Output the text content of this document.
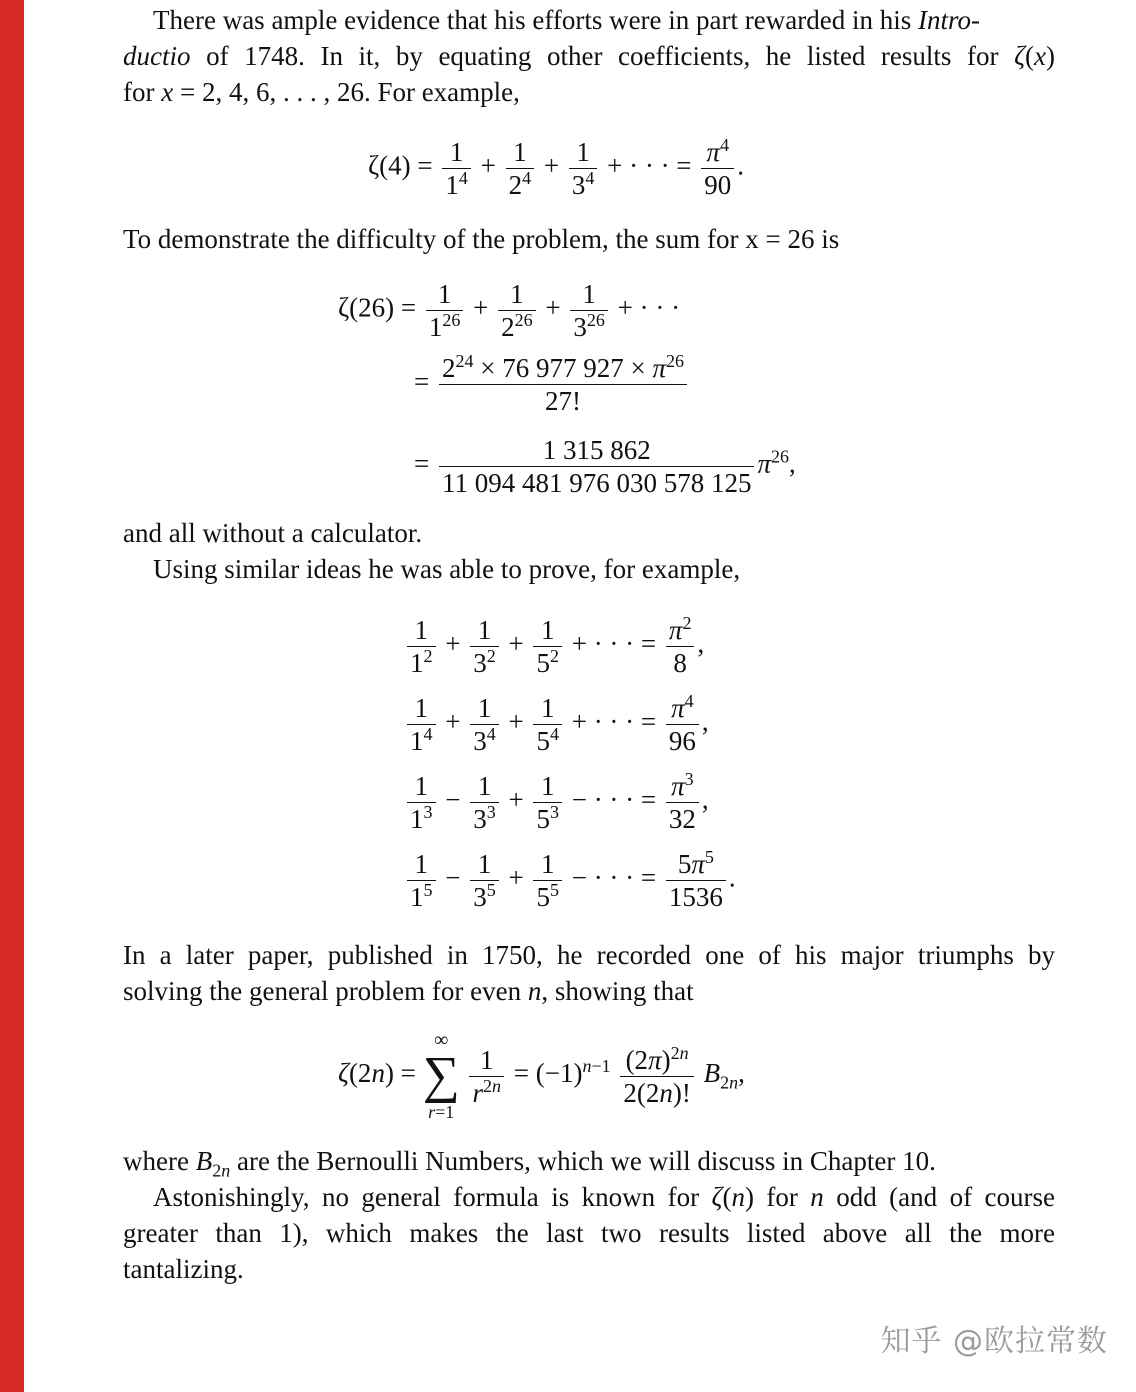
There was ample evidence that his efforts were in part rewarded in his Intro-
ductio of 1748. In it, by equating other coefficients, he listed results for ζ(x)
for x = 2, 4, 6, . . . , 26. For example,
$\zeta(4) = \frac{1}{1^4} + \frac{1}{2^4} + \frac{1}{3^4}$ + · · · = $\frac{\pi^4}{90}$ .
To demonstrate the difficulty of the problem, the sum for x = 26 is
$\zeta(26) = \frac{1}{1^{26}} + \frac{1}{2^{26}} + \frac{1}{3^{26}}$ + · · ·
= $\frac{2^{24} \times 76 977 927 \times \pi^{26}}{27!}$
= $\frac{1 315 862}{11 094 481 976 030 578 125} \pi^{26}$,
and all without a calculator.
Using similar ideas he was able to prove, for example,
$\frac{1}{1^2} + \frac{1}{3^2} + \frac{1}{5^2}$ + · · · = $\frac{\pi^2}{8}$ ,
$\frac{1}{1^4} + \frac{1}{3^4} + \frac{1}{5^4}$ + · · · = $\frac{\pi^4}{96}$ ,
$\frac{1}{1^3} - \frac{1}{3^3} + \frac{1}{5^3}$ − · · · = $\frac{\pi^3}{32}$ ,
$\frac{1}{1^5} - \frac{1}{3^5} + \frac{1}{5^5}$ − · · · = $\frac{5\pi^5}{1536}$ .
In a later paper, published in 1750, he recorded one of his major triumphs by
solving the general problem for even n, showing that
ζ(2n) =
∞
∑
r=1

$\frac{1}{r^{2n}} = (-1)^{n-1} \frac{(2\pi)^{2n}}{2(2n)!} B_{2n}$,
where $B_{2n}$ are the Bernoulli Numbers, which we will discuss in Chapter 10.
Astonishingly, no general formula is known for ζ(n) for n odd (and of course
greater than 1), which makes the last two results listed above all the more
tantalizing.
知乎 @欧拉常数
